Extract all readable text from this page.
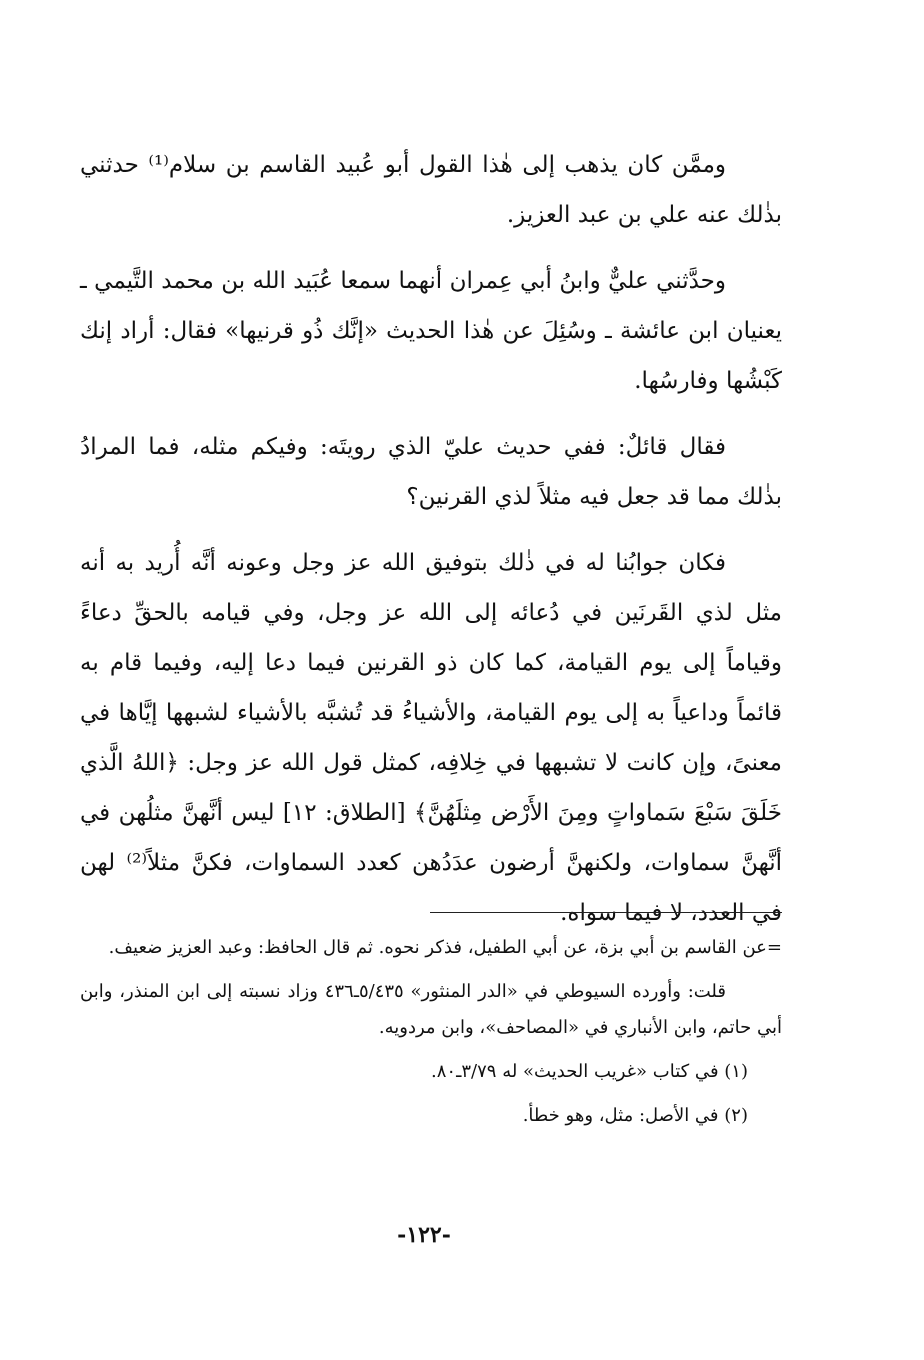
وممَّن كان يذهب إلى هٰذا القول أبو عُبيد القاسم بن سلام⁽¹⁾ حدثني بذٰلك عنه علي بن عبد العزيز.

وحدَّثني عليٌّ وابنُ أبي عِمران أنهما سمعا عُبَيد الله بن محمد التَّيمي ـ يعنيان ابن عائشة ـ وسُئِلَ عن هٰذا الحديث «إنَّك ذُو قرنيها» فقال: أراد إنك كَبْشُها وفارسُها.

فقال قائلٌ: ففي حديث عليّ الذي رويتَه: وفيكم مثله، فما المرادُ بذٰلك مما قد جعل فيه مثلاً لذي القرنين؟

فكان جوابُنا له في ذٰلك بتوفيق الله عز وجل وعونه أنَّه أُريد به أنه مثل لذي القَرنَين في دُعائه إلى الله عز وجل، وفي قيامه بالحقِّ دعاءً وقياماً إلى يوم القيامة، كما كان ذو القرنين فيما دعا إليه، وفيما قام به قائماً وداعياً به إلى يوم القيامة، والأشياءُ قد تُشبَّه بالأشياء لشبهها إيَّاها في معنىً، وإن كانت لا تشبهها في خِلافِه، كمثل قول الله عز وجل: ﴿اللهُ الَّذي خَلَقَ سَبْعَ سَماواتٍ ومِنَ الأَرْض مِثلَهُنَّ﴾ [الطلاق: ١٢] ليس أنَّهنَّ مثلُهن في أنَّهنَّ سماوات، ولكنهنَّ أرضون عدَدُهن كعدد السماوات، فكنَّ مثلاً⁽²⁾ لهن في العدد، لا فيما سواه.

=عن القاسم بن أبي بزة، عن أبي الطفيل، فذكر نحوه. ثم قال الحافظ: وعبد العزيز ضعيف.

قلت: وأورده السيوطي في «الدر المنثور» ٥/٤٣٥ـ٤٣٦ وزاد نسبته إلى ابن المنذر، وابن أبي حاتم، وابن الأنباري في «المصاحف»، وابن مردويه.

(١) في كتاب «غريب الحديث» له ٣/٧٩ـ٨٠.

(٢) في الأصل: مثل، وهو خطأ.

-١٢٢-
